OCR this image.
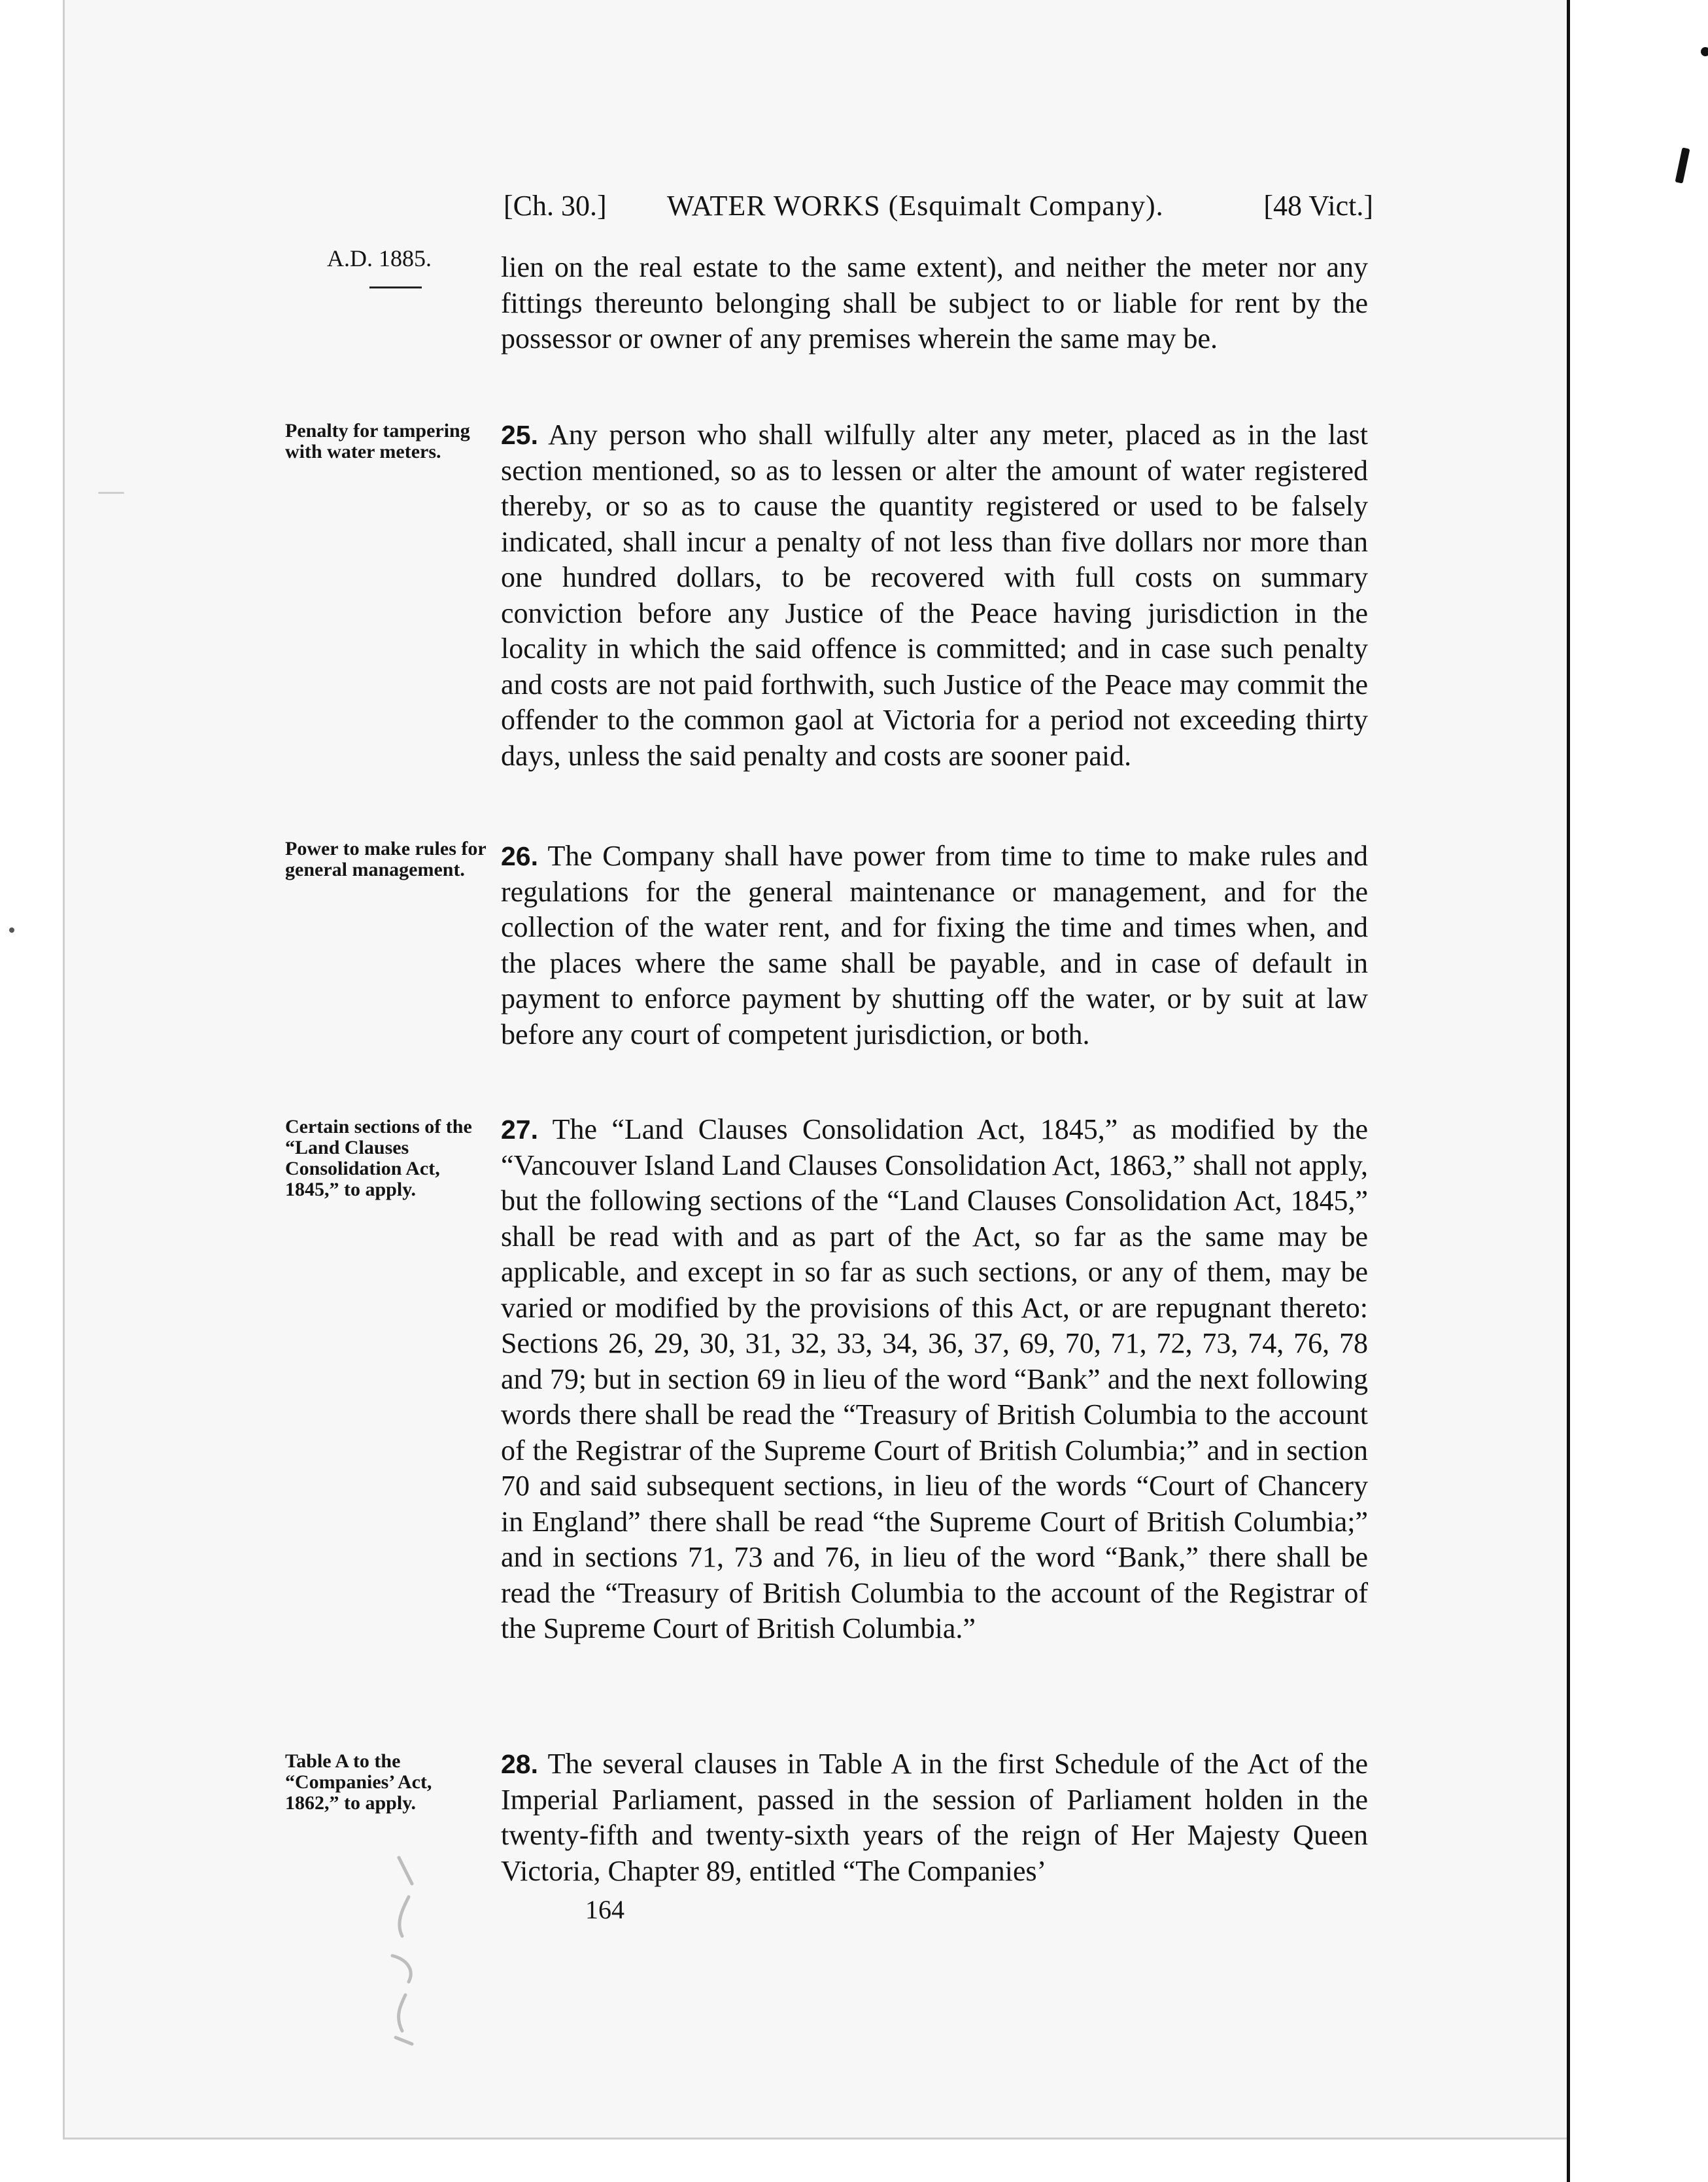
[Ch. 30.] WATER WORKS (Esquimalt Company).	[48 Vict.]
A.D. 1885. lien on the real estate to the same extent), and neither the meter nor any fittings thereunto belonging shall be subject to or liable for rent by the possessor or owner of any premises wherein the same may be.
Penalty for tampering with water meters.
25. Any person who shall wilfully alter any meter, placed as in the last section mentioned, so as to lessen or alter the amount of water registered thereby, or so as to cause the quantity registered or used to be falsely indicated, shall incur a penalty of not less than five dollars nor more than one hundred dollars, to be recovered with full costs on summary conviction before any Justice of the Peace having jurisdiction in the locality in which the said offence is committed; and in case such penalty and costs are not paid forthwith, such Justice of the Peace may commit the offender to the common gaol at Victoria for a period not exceeding thirty days, unless the said penalty and costs are sooner paid.
Power to make rules for general management.	26. The Company shall have power from time to time to make rules and regulations for the general maintenance or management, and for the collection of the water rent, and for fixing the time and times when, and the places where the same shall be payable, and in case of default in payment to enforce payment by shutting off the water, or by suit at law before any court of competent jurisdiction, or both.
Certain sections of the “Land Clauses Consolidation Act, 1845,” to apply.
27. The “Land Clauses Consolidation Act, 1845,” as modified by the “Vancouver Island Land Clauses Consolidation Act, 1863,” shall not apply, but the following sections of the “Land Clauses Consolidation Act, 1845,” shall be read with and as part of the Act, so far as the same may be applicable, and except in so far as such sections, or any of them, may be varied or modified by the provisions of this Act, or are repugnant thereto: Sections 26, 29, 30, 31, 32, 33, 34, 36, 37, 69, 70, 71, 72, 73, 74, 76, 78 and 79; but in section 69 in lieu of the word “Bank” and the next following words there shall be read the “Treasury of British Columbia to the account of the Registrar of the Supreme Court of British Columbia;” and in section 70 and said subsequent sections, in lieu of the words “Court of Chancery in England” there shall be read “the Supreme Court of British Columbia;” and in sections 71, 73 and 76, in lieu of the word “Bank,” there shall be read the “Treasury of British Columbia to the account of the Registrar of the Supreme Court of British Columbia.”
Table A to the “Companies’ Act, 1862,” to apply.
28. The several clauses in Table A in the first Schedule of the Act of the Imperial Parliament, passed in the session of Parliament holden in the twenty-fifth and twenty-sixth years of the reign of Her Majesty Queen Victoria, Chapter 89, entitled “The Companies’
164
